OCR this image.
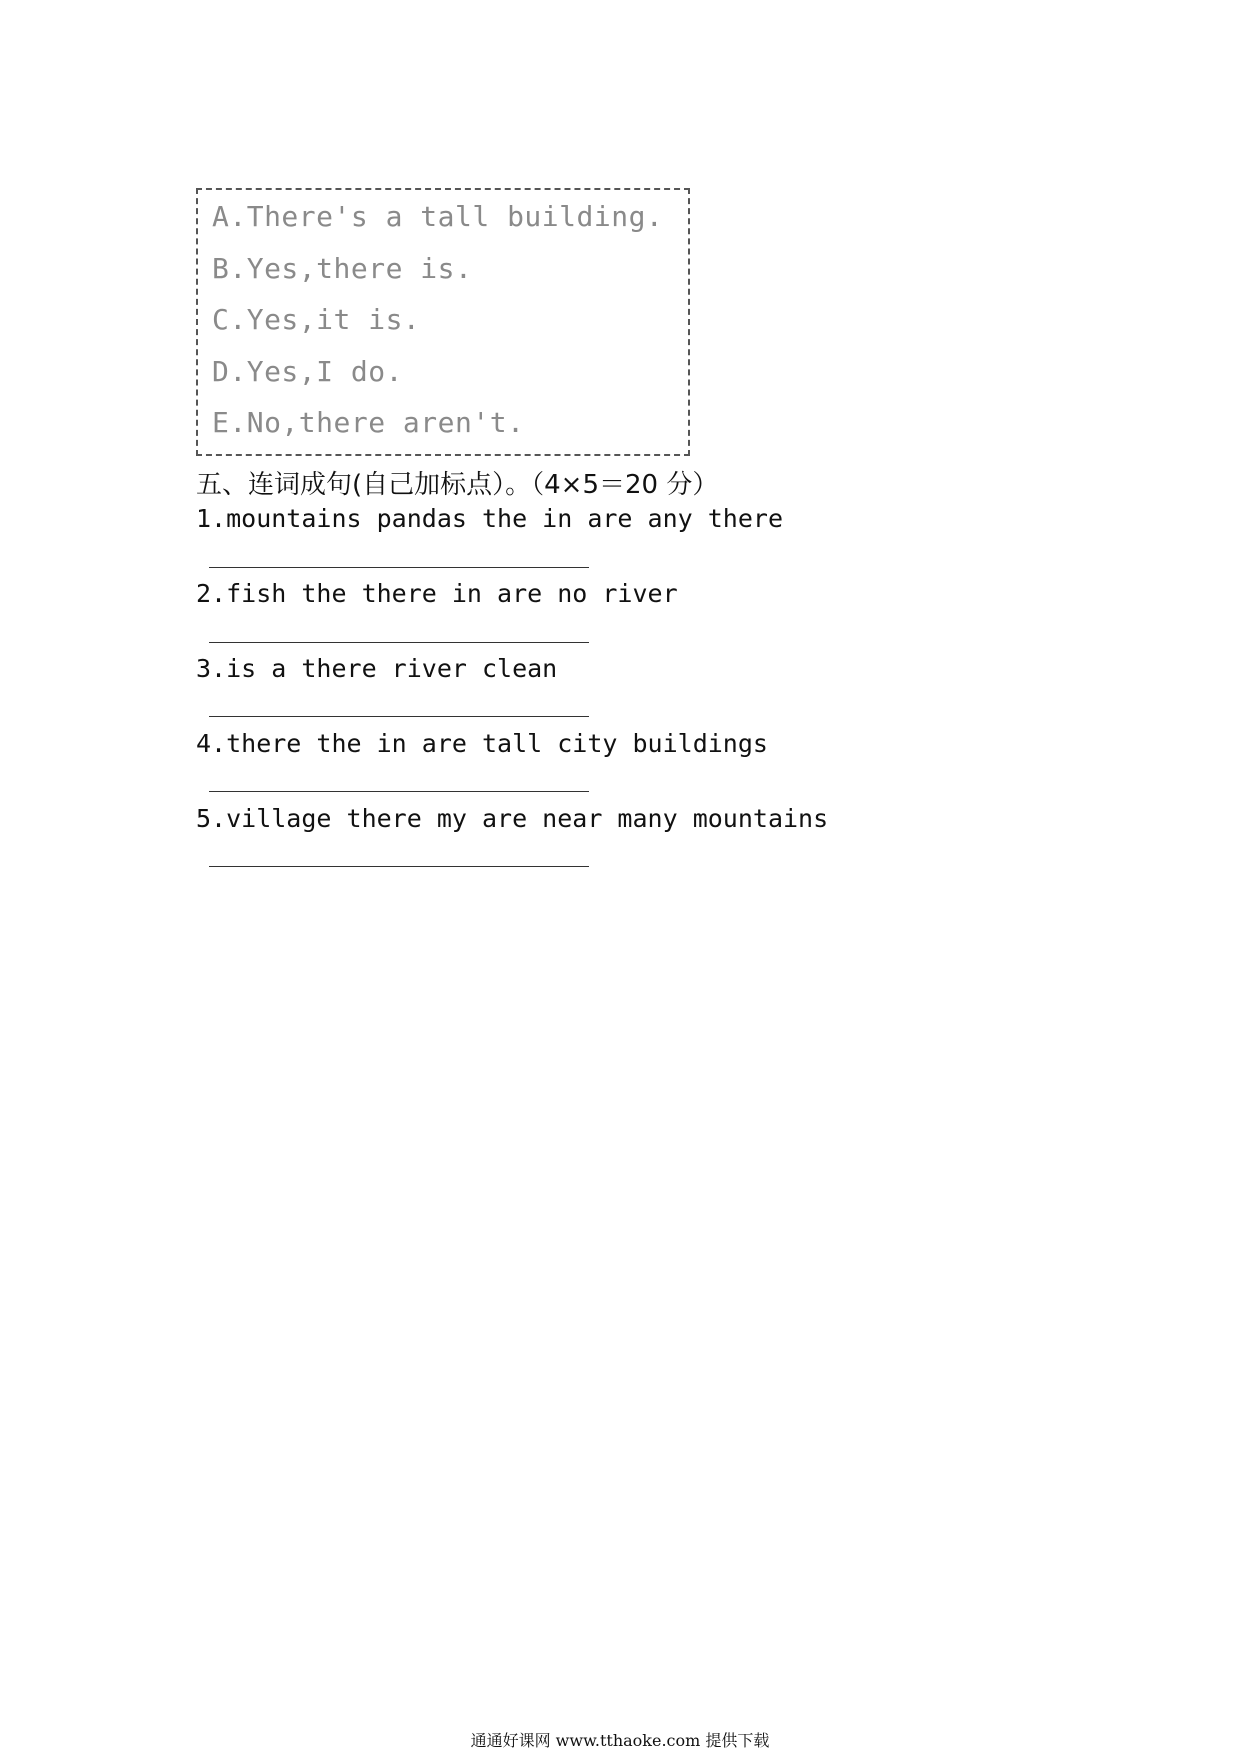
A.There's a tall building.
B.Yes,there is.
C.Yes,it is.
D.Yes,I do.
E.No,there aren't.
五、连词成句(自己加标点）。（4×5＝20 分）
1.mountains pandas the in are any there
2.fish the there in are no river
3.is a there river clean
4.there the in are tall city buildings
5.village there my are near many mountains
通通好课网 www.tthaoke.com 提供下载
